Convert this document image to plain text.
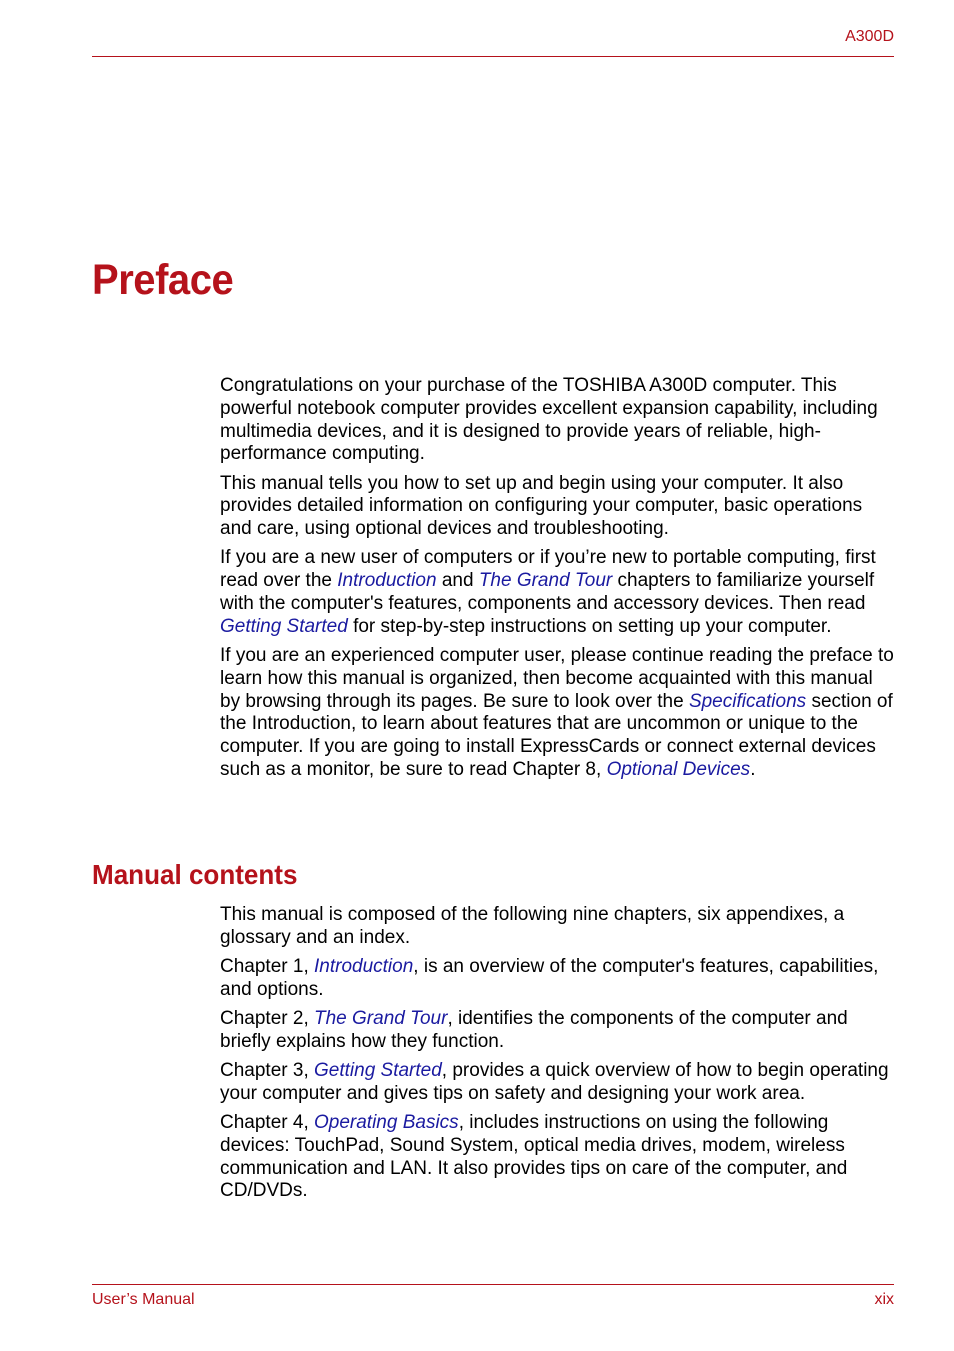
A300D
Preface

Congratulations on your purchase of the TOSHIBA A300D computer. This powerful notebook computer provides excellent expansion capability, including multimedia devices, and it is designed to provide years of reliable, high-performance computing.

This manual tells you how to set up and begin using your computer. It also provides detailed information on configuring your computer, basic operations and care, using optional devices and troubleshooting.

If you are a new user of computers or if you’re new to portable computing, first read over the Introduction and The Grand Tour chapters to familiarize yourself with the computer's features, components and accessory devices. Then read Getting Started for step-by-step instructions on setting up your computer.

If you are an experienced computer user, please continue reading the preface to learn how this manual is organized, then become acquainted with this manual by browsing through its pages. Be sure to look over the Specifications section of the Introduction, to learn about features that are uncommon or unique to the computer. If you are going to install ExpressCards or connect external devices such as a monitor, be sure to read Chapter 8, Optional Devices.

Manual contents

This manual is composed of the following nine chapters, six appendixes, a glossary and an index.

Chapter 1, Introduction, is an overview of the computer's features, capabilities, and options.

Chapter 2, The Grand Tour, identifies the components of the computer and briefly explains how they function.

Chapter 3, Getting Started, provides a quick overview of how to begin operating your computer and gives tips on safety and designing your work area.

Chapter 4, Operating Basics, includes instructions on using the following devices: TouchPad, Sound System, optical media drives, modem, wireless communication and LAN. It also provides tips on care of the computer, and CD/DVDs.

User’s Manual	xix
